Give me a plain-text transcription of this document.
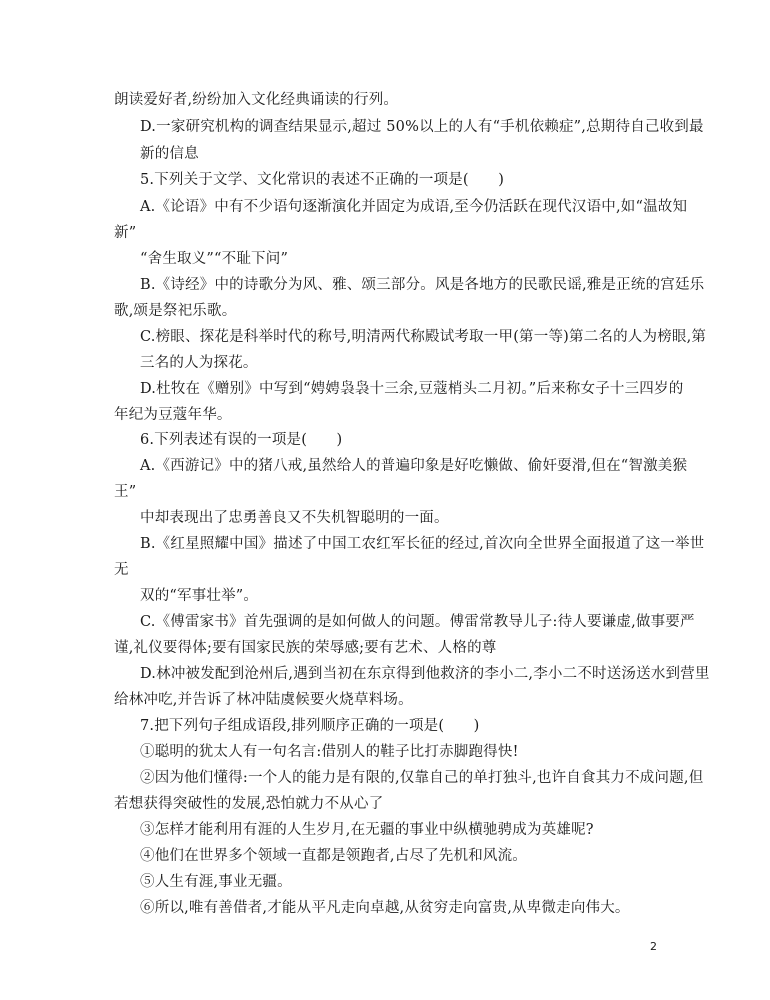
朗读爱好者,纷纷加入文化经典诵读的行列。
D.一家研究机构的调查结果显示,超过 50%以上的人有“手机依赖症”,总期待自己收到最
新的信息
5.下列关于文学、文化常识的表述不正确的一项是(　　)
A.《论语》中有不少语句逐渐演化并固定为成语,至今仍活跃在现代汉语中,如“温故知
新”
“舍生取义”“不耻下问”
B.《诗经》中的诗歌分为风、雅、颂三部分。风是各地方的民歌民谣,雅是正统的宫廷乐
歌,颂是祭祀乐歌。
C.榜眼、探花是科举时代的称号,明清两代称殿试考取一甲(第一等)第二名的人为榜眼,第
三名的人为探花。
D.杜牧在《赠别》中写到“娉娉袅袅十三余,豆蔻梢头二月初。”后来称女子十三四岁的
年纪为豆蔻年华。
6.下列表述有误的一项是(　　)
A.《西游记》中的猪八戒,虽然给人的普遍印象是好吃懒做、偷奸耍滑,但在“智激美猴
王”
中却表现出了忠勇善良又不失机智聪明的一面。
B.《红星照耀中国》描述了中国工农红军长征的经过,首次向全世界全面报道了这一举世
无
双的“军事壮举”。
C.《傅雷家书》首先强调的是如何做人的问题。傅雷常教导儿子:待人要谦虚,做事要严
谨,礼仪要得体;要有国家民族的荣辱感;要有艺术、人格的尊
D.林冲被发配到沧州后,遇到当初在东京得到他救济的李小二,李小二不时送汤送水到营里
给林冲吃,并告诉了林冲陆虞候要火烧草料场。
7.把下列句子组成语段,排列顺序正确的一项是(　　)
①聪明的犹太人有一句名言:借别人的鞋子比打赤脚跑得快!
②因为他们懂得:一个人的能力是有限的,仅靠自己的单打独斗,也许自食其力不成问题,但
若想获得突破性的发展,恐怕就力不从心了
③怎样才能利用有涯的人生岁月,在无疆的事业中纵横驰骋成为英雄呢?
④他们在世界多个领域一直都是领跑者,占尽了先机和风流。
⑤人生有涯,事业无疆。
⑥所以,唯有善借者,才能从平凡走向卓越,从贫穷走向富贵,从卑微走向伟大。
2
